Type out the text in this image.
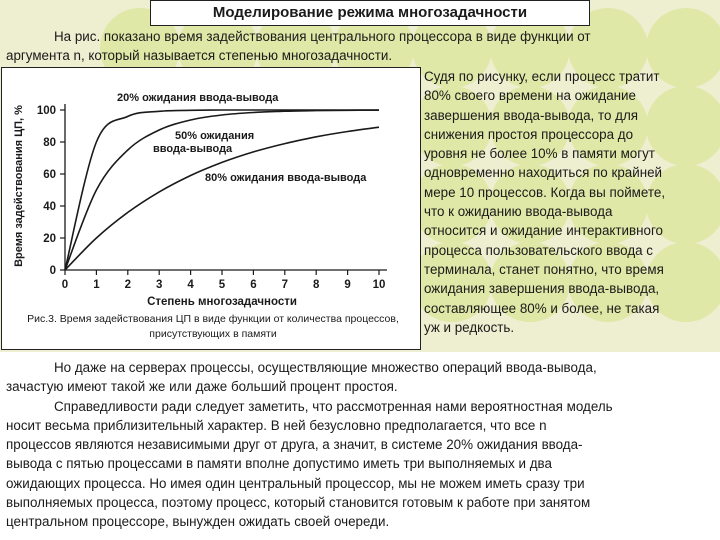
Моделирование режима многозадачности
На рис. показано время задействования центрального процессора в виде функции от
аргумента n, который называется степенью многозадачности.
0
20
40
60
80
100
0 1 2 3 4 5 6 7 8 9 10
Степень многозадачности
Время задействования ЦП, %
20% ожидания ввода-вывода
50% ожидания
ввода-вывода
80% ожидания ввода-вывода
Рис.3. Время задействования ЦП в виде функции от количества процессов,
присутствующих в памяти
Судя по рисунку, если процесс тратит
80% своего времени на ожидание
завершения ввода-вывода, то для
снижения простоя процессора до
уровня не более 10% в памяти могут
одновременно находиться по крайней
мере 10 процессов. Когда вы поймете,
что к ожиданию ввода-вывода
относится и ожидание интерактивного
процесса пользовательского ввода с
терминала, станет понятно, что время
ожидания завершения ввода-вывода,
составляющее 80% и более, не такая
уж и редкость.
Но даже на серверах процессы, осуществляющие множество операций ввода-вывода,
зачастую имеют такой же или даже больший процент простоя.
Справедливости ради следует заметить, что рассмотренная нами вероятностная модель
носит весьма приблизительный характер. В ней безусловно предполагается, что все n
процессов являются независимыми друг от друга, а значит, в системе 20% ожидания ввода-
вывода с пятью процессами в памяти вполне допустимо иметь три выполняемых и два
ожидающих процесса. Но имея один центральный процессор, мы не можем иметь сразу три
выполняемых процесса, поэтому процесс, который становится готовым к работе при занятом
центральном процессоре, вынужден ожидать своей очереди.
